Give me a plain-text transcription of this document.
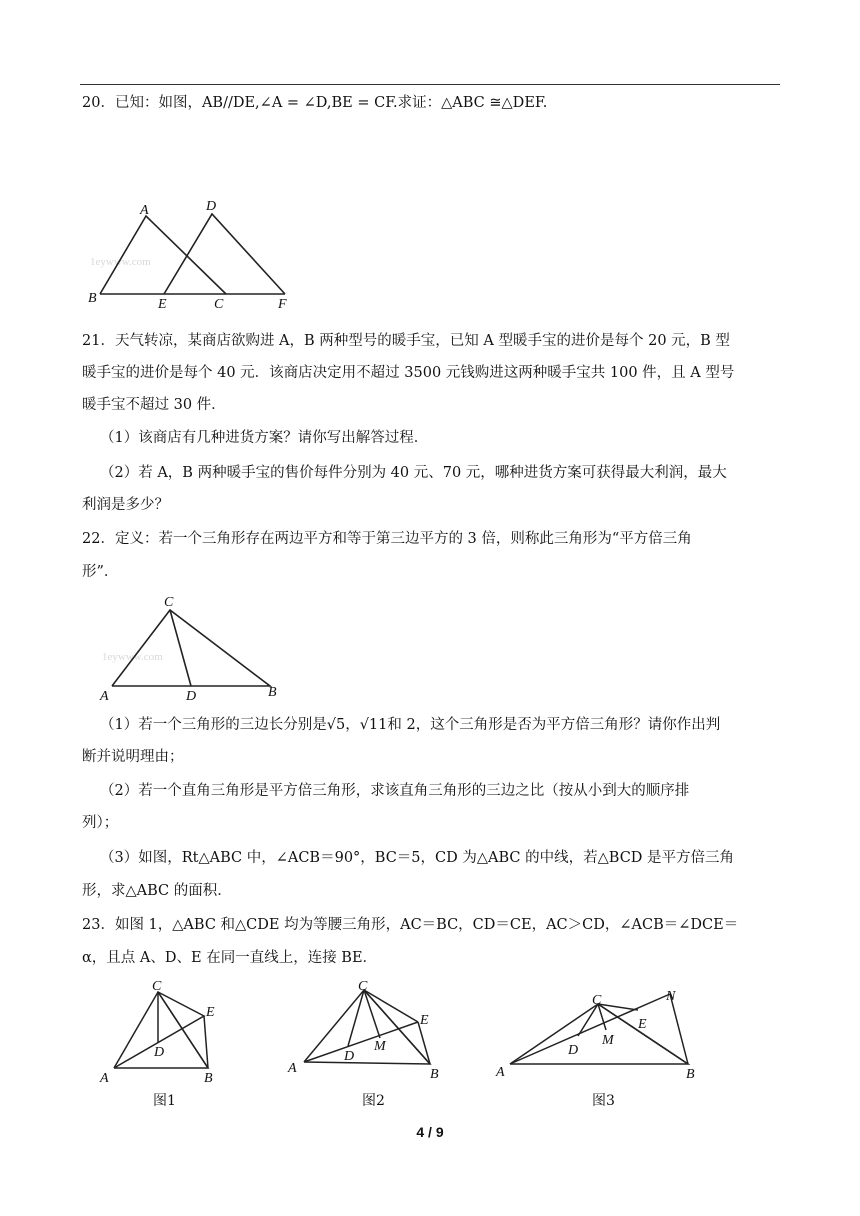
20．已知：如图，AB//DE,∠A = ∠D,BE = CF.求证：△ABC ≅△DEF.
1eywww.com
A	D
B	E	C	F
21．天气转凉，某商店欲购进 A，B 两种型号的暖手宝，已知 A 型暖手宝的进价是每个 20 元，B 型
暖手宝的进价是每个 40 元．该商店决定用不超过 3500 元钱购进这两种暖手宝共 100 件，且 A 型号
暖手宝不超过 30 件．
（1）该商店有几种进货方案？请你写出解答过程．
（2）若 A，B 两种暖手宝的售价每件分别为 40 元、70 元，哪种进货方案可获得最大利润，最大
利润是多少？
22．定义：若一个三角形存在两边平方和等于第三边平方的 3 倍，则称此三角形为“平方倍三角
形”．
1eywww.com
C
A	D	B
（1）若一个三角形的三边长分别是√5，√11和 2，这个三角形是否为平方倍三角形？请你作出判
断并说明理由；
（2）若一个直角三角形是平方倍三角形，求该直角三角形的三边之比（按从小到大的顺序排
列）；
（3）如图，Rt△ABC 中，∠ACB＝90°，BC＝5，CD 为△ABC 的中线，若△BCD 是平方倍三角
形，求△ABC 的面积．
23．如图 1，△ABC 和△CDE 均为等腰三角形，AC＝BC，CD＝CE，AC＞CD，∠ACB＝∠DCE＝
α，且点 A、D、E 在同一直线上，连接 BE．
C
E
D
A	B
图1
C
E
M
D
A	B
图2
C	N
E
M
D
A	B
图3
4 / 9
